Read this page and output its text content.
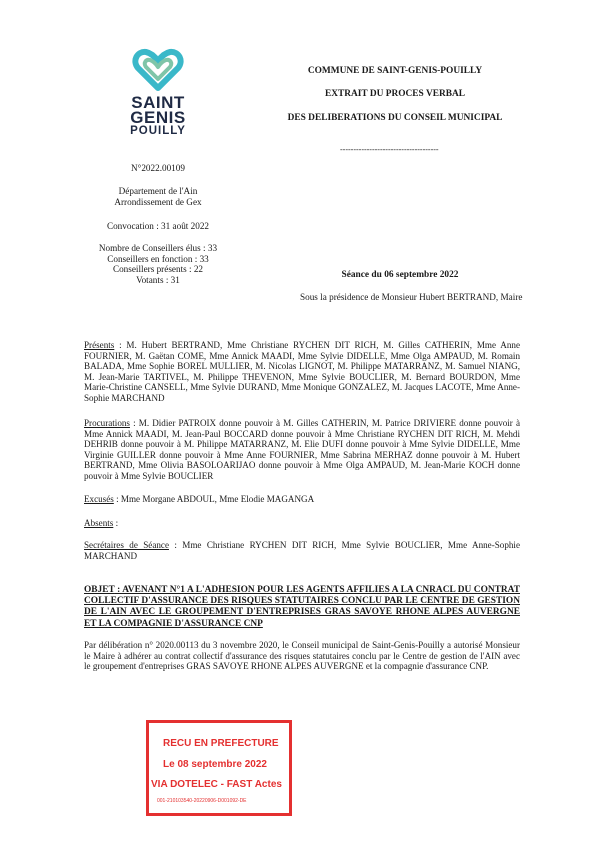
SAINT
GENIS
POUILLY
N°2022.00109
Département de l'Ain
Arrondissement de Gex
Convocation : 31 août 2022
Nombre de Conseillers élus : 33
Conseillers en fonction : 33
Conseillers présents : 22
Votants : 31
COMMUNE DE SAINT-GENIS-POUILLY
EXTRAIT DU PROCES VERBAL
DES DELIBERATIONS DU CONSEIL MUNICIPAL
-------------------------------------
Séance du 06 septembre 2022
Sous la présidence de Monsieur Hubert BERTRAND, Maire

Présents : M. Hubert BERTRAND, Mme Christiane RYCHEN DIT RICH, M. Gilles CATHERIN, Mme Anne FOURNIER, M. Gaëtan COME, Mme Annick MAADI, Mme Sylvie DIDELLE, Mme Olga AMPAUD, M. Romain BALADA, Mme Sophie BOREL MULLIER, M. Nicolas LIGNOT, M. Philippe MATARRANZ, M. Samuel NIANG, M. Jean-Marie TARTIVEL, M. Philippe THEVENON, Mme Sylvie BOUCLIER, M. Bernard BOURDON, Mme Marie-Christine CANSELL, Mme Sylvie DURAND, Mme Monique GONZALEZ, M. Jacques LACOTE, Mme Anne-Sophie MARCHAND

Procurations : M. Didier PATROIX donne pouvoir à M. Gilles CATHERIN, M. Patrice DRIVIERE donne pouvoir à Mme Annick MAADI, M. Jean-Paul BOCCARD donne pouvoir à Mme Christiane RYCHEN DIT RICH, M. Mehdi DEHRIB donne pouvoir à M. Philippe MATARRANZ, M. Elie DUFI donne pouvoir à Mme Sylvie DIDELLE, Mme Virginie GUILLER donne pouvoir à Mme Anne FOURNIER, Mme Sabrina MERHAZ donne pouvoir à M. Hubert BERTRAND, Mme Olivia BASOLOARIJAO donne pouvoir à Mme Olga AMPAUD, M. Jean-Marie KOCH donne pouvoir à Mme Sylvie BOUCLIER

Excusés : Mme Morgane ABDOUL, Mme Elodie MAGANGA

Absents :

Secrétaires de Séance : Mme Christiane RYCHEN DIT RICH, Mme Sylvie BOUCLIER, Mme Anne-Sophie MARCHAND

OBJET : AVENANT N°1 A L'ADHESION POUR LES AGENTS AFFILIES A LA CNRACL DU CONTRAT COLLECTIF D'ASSURANCE DES RISQUES STATUTAIRES CONCLU PAR LE CENTRE DE GESTION DE L'AIN AVEC LE GROUPEMENT D'ENTREPRISES GRAS SAVOYE RHONE ALPES AUVERGNE ET LA COMPAGNIE D'ASSURANCE CNP

Par délibération n° 2020.00113 du 3 novembre 2020, le Conseil municipal de Saint-Genis-Pouilly a autorisé Monsieur le Maire à adhérer au contrat collectif d'assurance des risques statutaires conclu par le Centre de gestion de l'AIN avec le groupement d'entreprises GRAS SAVOYE RHONE ALPES AUVERGNE et la compagnie d'assurance CNP.
RECU EN PREFECTURE
Le 08 septembre 2022
VIA DOTELEC - FAST Actes
001-210103540-20220906-D001092-DE
